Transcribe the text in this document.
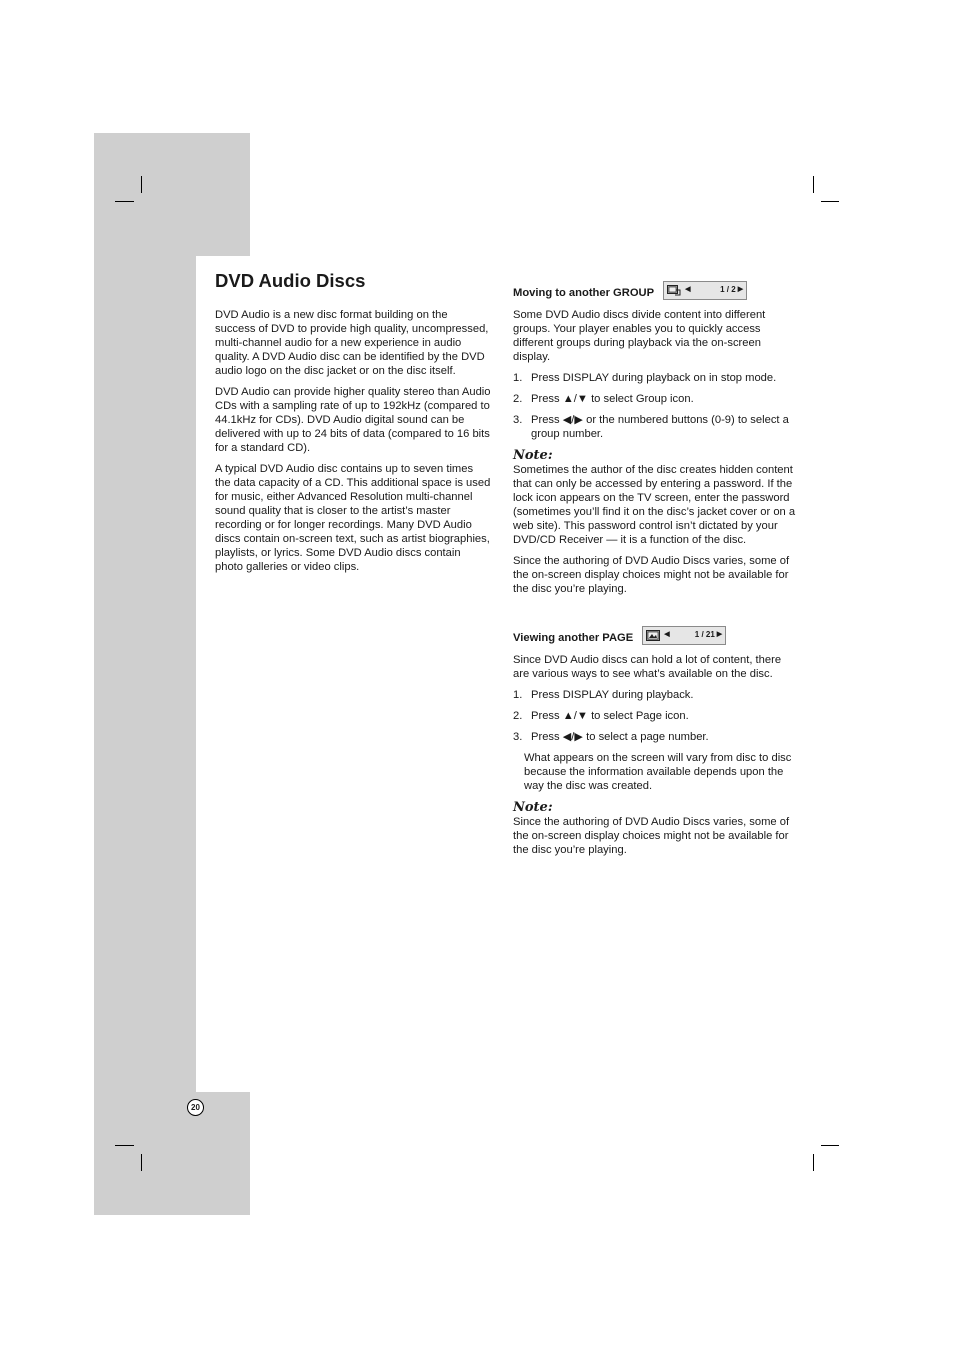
DVD Audio Discs

DVD Audio is a new disc format building on the success of DVD to provide high quality, uncompressed, multi-channel audio for a new experience in audio quality. A DVD Audio disc can be identified by the DVD audio logo on the disc jacket or on the disc itself.

DVD Audio can provide higher quality stereo than Audio CDs with a sampling rate of up to 192kHz (compared to 44.1kHz for CDs). DVD Audio digital sound can be delivered with up to 24 bits of data (compared to 16 bits for a standard CD).

A typical DVD Audio disc contains up to seven times the data capacity of a CD. This additional space is used for music, either Advanced Resolution multi-channel sound quality that is closer to the artist’s master recording or for longer recordings. Many DVD Audio discs contain on-screen text, such as artist biographies, playlists, or lyrics. Some DVD Audio discs contain photo galleries or video clips.

Moving to another GROUP	◀	1 / 2 ▶

Some DVD Audio discs divide content into different groups. Your player enables you to quickly access different groups during playback via the on-screen display.

1. Press DISPLAY during playback on in stop mode.
2. Press ▲/▼ to select Group icon.
3. Press ◀/▶ or the numbered buttons (0-9) to select a group number.
Note:

Sometimes the author of the disc creates hidden content that can only be accessed by entering a password. If the lock icon appears on the TV screen, enter the password (sometimes you’ll find it on the disc’s jacket cover or on a web site). This password control isn’t dictated by your DVD/CD Receiver — it is a function of the disc.

Since the authoring of DVD Audio Discs varies, some of the on-screen display choices might not be available for the disc you’re playing.

Viewing another PAGE	◀	1 / 21 ▶

Since DVD Audio discs can hold a lot of content, there are various ways to see what’s available on the disc.

1. Press DISPLAY during playback.
2. Press ▲/▼ to select Page icon.
3. Press ◀/▶ to select a page number.

What appears on the screen will vary from disc to disc because the information available depends upon the way the disc was created.

Note:

Since the authoring of DVD Audio Discs varies, some of the on-screen display choices might not be available for the disc you’re playing.

20
